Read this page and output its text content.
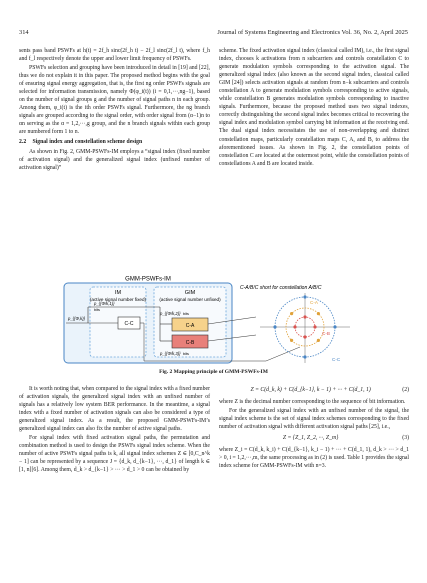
314	Journal of Systems Engineering and Electronics Vol. 36, No. 2, April 2025

sents pass band PSWFs at h(t) = 2f_h sinc(2f_h t) − 2f_l sinc(2f_l t), where f_h and f_l respectively denote the upper and lower limit frequency of PSWFs.

PSWFs selection and grouping have been introduced in detail in [19] and [22], thus we do not explain it in this paper. The proposed method begins with the goal of ensuring signal energy aggregation, that is, the first ng order PSWFs signals are selected for information transmission, namely Φ(φ_i(t)) (i = 0,1,···,ng−1), based on the number of signal groups g and the number of signal paths n in each group. Among them, φ_i(t) is the ith order PSWFs signal. Furthermore, the ng branch signals are grouped according to the signal order, with order signal from (α−1)n to αn serving as the α = 1,2,···,g group, and the n branch signals within each group are numbered form 1 to n.

2.2 Signal index and constellation scheme design

As shown in Fig. 2, GMM-PSWFs-IM employs a “signal index (fixed number of activation signal) and the generalized signal index (unfixed number of activation signal)”

scheme. The fixed activation signal index (classical called IM), i.e., the first signal index, chooses k activations from n subcarriers and controls constellation C to generate modulation symbols corresponding to the activation signal. The generalized signal index (also known as the second signal index, classical called GIM [24]) selects activation signals at random from n−k subcarriers and controls constellation A to generate modulation symbols corresponding to active signals, while constellation B generates modulation symbols corresponding to inactive signals. Furthermore, because the proposed method uses two signal indexes, correctly distinguishing the second signal index becomes critical to recovering the signal index and modulation symbol carrying bit information at the receiving end. The dual signal index necessitates the use of non-overlapping and distinct constellation maps, particularly constellation maps C, A, and B, to address the aforementioned issues. As shown in Fig. 2, the constellation points of constellation C are located at the outermost point, while the constellation points of constellations A and B are located inside.

GMM-PSWFs-IM
IM
(active signal number fixed)
GIM
(active signal number unfixed)
p_{(Φ,k)}
p_{(Φ/k,1)}
bits
C-C
p_{(Φ/k,2)} bits
C-A
C-B
p_{(Φ/k,3)} bits
C-A/B/C short for constellation A/B/C
C-A
C-B
C-C
Fig. 2 Mapping principle of GMM-PSWFs-IM

It is worth noting that, when compared to the signal index with a fixed number of activation signals, the generalized signal index with an unfixed number of signals has a relatively low system BER performance. In the meantime, a signal index with a fixed number of activation signals can also be considered a type of generalized signal index. As a result, the proposed GMM-PSWFs-IM’s generalized signal index can also fix the number of active signal paths.

For signal index with fixed activation signal paths, the permutation and combination method is used to design the PSWFs signal index scheme. When the number of active PSWFs signal paths is k, all signal index schemes Z ∈ [0,C_n^k − 1] can be represented by a sequence J = {d_k, d_{k−1}, ···, d_1} of length k ∈ [1, n][6]. Among them, d_k > d_{k−1} > ··· > d_1 > 0 can be obtained by

Z = C(d_k, k) + C(d_{k−1}, k − 1) + ··· + C(d_1, 1)	(2)

where Z is the decimal number corresponding to the sequence of bit information.

For the generalized signal index with an unfixed number of the signal, the signal index scheme is the set of signal index schemes corresponding to the fixed number of activation signal with different activation signal paths [25], i.e.,

Z = {Z_1, Z_2, ···, Z_m}	(3)

where Z_i = C(d_k, k_i) + C(d_{k−1}, k_i − 1) + ··· + C(d_1, 1), d_k > ··· > d_1 > 0, i = 1,2,···,m, the same processing as in (2) is used. Table 1 provides the signal index scheme for GMM-PSWFs-IM with n=3.
